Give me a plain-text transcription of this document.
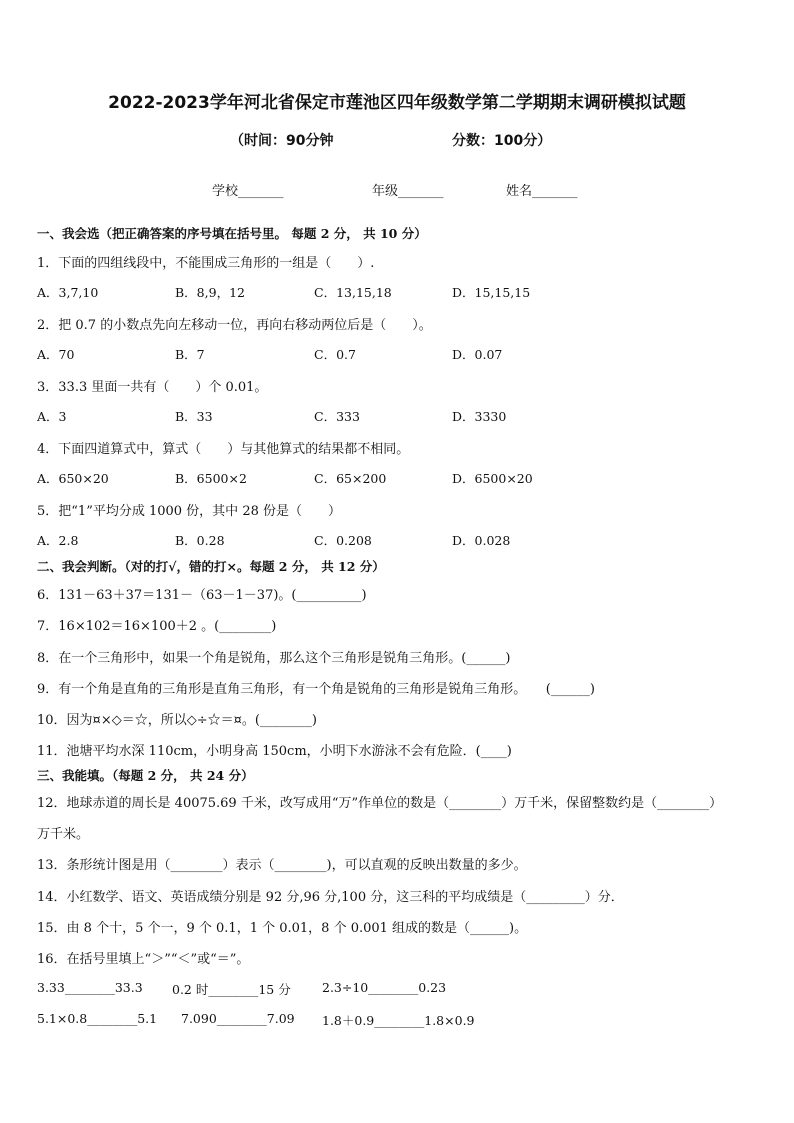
2022-2023学年河北省保定市莲池区四年级数学第二学期期末调研模拟试题
（时间：90分钟	分数：100分）
学校_______	年级_______	姓名_______
一、我会选（把正确答案的序号填在括号里。 每题 2 分， 共 10 分）
1．下面的四组线段中，不能围成三角形的一组是（　　）.
A．3,7,10	B．8,9，12	C．13,15,18	D．15,15,15
2．把 0.7 的小数点先向左移动一位，再向右移动两位后是（　　）。
A．70	B．7	C．0.7	D．0.07
3．33.3 里面一共有（　　）个 0.01。
A．3	B．33	C．333	D．3330
4．下面四道算式中，算式（　　）与其他算式的结果都不相同。
A．650×20	B．6500×2	C．65×200	D．6500×20
5．把“1”平均分成 1000 份，其中 28 份是（　　）
A．2.8	B．0.28	C．0.208	D．0.028
二、我会判断。（对的打√，错的打×。每题 2 分， 共 12 分）
6．131－63＋37＝131－（63－1－37)。(__________)
7．16×102＝16×100＋2 。(________)
8．在一个三角形中，如果一个角是锐角，那么这个三角形是锐角三角形。(______)
9．有一个角是直角的三角形是直角三角形，有一个角是锐角的三角形是锐角三角形。　　(______)
10．因为¤×◇＝☆，所以◇÷☆＝¤。(________)
11．池塘平均水深 110cm，小明身高 150cm，小明下水游泳不会有危险．(____)
三、我能填。（每题 2 分， 共 24 分）
12．地球赤道的周长是 40075.69 千米，改写成用“万”作单位的数是（________）万千米，保留整数约是（________）
万千米。
13．条形统计图是用（________）表示（________)，可以直观的反映出数量的多少。
14．小红数学、语文、英语成绩分别是 92 分,96 分,100 分，这三科的平均成绩是（_________）分．
15．由 8 个十，5 个一，9 个 0.1，1 个 0.01，8 个 0.001 组成的数是（______)。
16．在括号里填上“＞”“＜”或“＝”。
3.33________33.3 0.2 时________15 分	2.3÷10________0.23
5.1×0.8________5.1 7.090________7.09 1.8＋0.9________1.8×0.9
